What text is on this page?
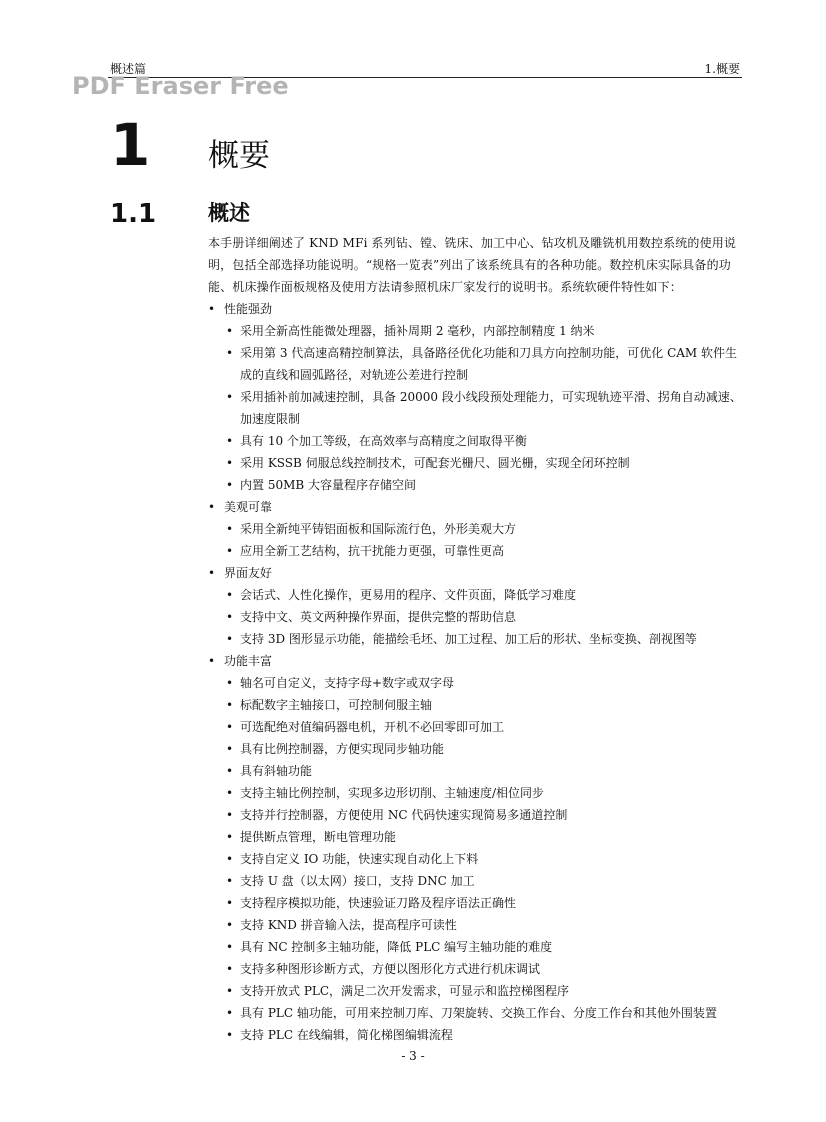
概述篇	1.概要
PDF Eraser Free
1 概要
1.1 概述

本手册详细阐述了 KND MFi 系列钻、镗、铣床、加工中心、钻攻机及雕铣机用数控系统的使用说明，包括全部选择功能说明。“规格一览表”列出了该系统具有的各种功能。数控机床实际具备的功能、机床操作面板规格及使用方法请参照机床厂家发行的说明书。系统软硬件特性如下：

• 性能强劲
• 采用全新高性能微处理器，插补周期 2 毫秒，内部控制精度 1 纳米
• 采用第 3 代高速高精控制算法，具备路径优化功能和刀具方向控制功能，可优化 CAM 软件生成的直线和圆弧路径，对轨迹公差进行控制
• 采用插补前加减速控制，具备 20000 段小线段预处理能力，可实现轨迹平滑、拐角自动减速、加速度限制
• 具有 10 个加工等级，在高效率与高精度之间取得平衡
• 采用 KSSB 伺服总线控制技术，可配套光栅尺、圆光栅，实现全闭环控制
• 内置 50MB 大容量程序存储空间
• 美观可靠
• 采用全新纯平铸铝面板和国际流行色，外形美观大方
• 应用全新工艺结构，抗干扰能力更强，可靠性更高
• 界面友好
• 会话式、人性化操作，更易用的程序、文件页面，降低学习难度
• 支持中文、英文两种操作界面，提供完整的帮助信息
• 支持 3D 图形显示功能，能描绘毛坯、加工过程、加工后的形状、坐标变换、剖视图等
• 功能丰富
• 轴名可自定义，支持字母+数字或双字母
• 标配数字主轴接口，可控制伺服主轴
• 可选配绝对值编码器电机，开机不必回零即可加工
• 具有比例控制器，方便实现同步轴功能
• 具有斜轴功能
• 支持主轴比例控制，实现多边形切削、主轴速度/相位同步
• 支持并行控制器，方便使用 NC 代码快速实现简易多通道控制
• 提供断点管理，断电管理功能
• 支持自定义 IO 功能，快速实现自动化上下料
• 支持 U 盘（以太网）接口，支持 DNC 加工
• 支持程序模拟功能，快速验证刀路及程序语法正确性
• 支持 KND 拼音输入法，提高程序可读性
• 具有 NC 控制多主轴功能，降低 PLC 编写主轴功能的难度
• 支持多种图形诊断方式，方便以图形化方式进行机床调试
• 支持开放式 PLC，满足二次开发需求，可显示和监控梯图程序
• 具有 PLC 轴功能，可用来控制刀库、刀架旋转、交换工作台、分度工作台和其他外围装置
• 支持 PLC 在线编辑，简化梯图编辑流程
- 3 -
